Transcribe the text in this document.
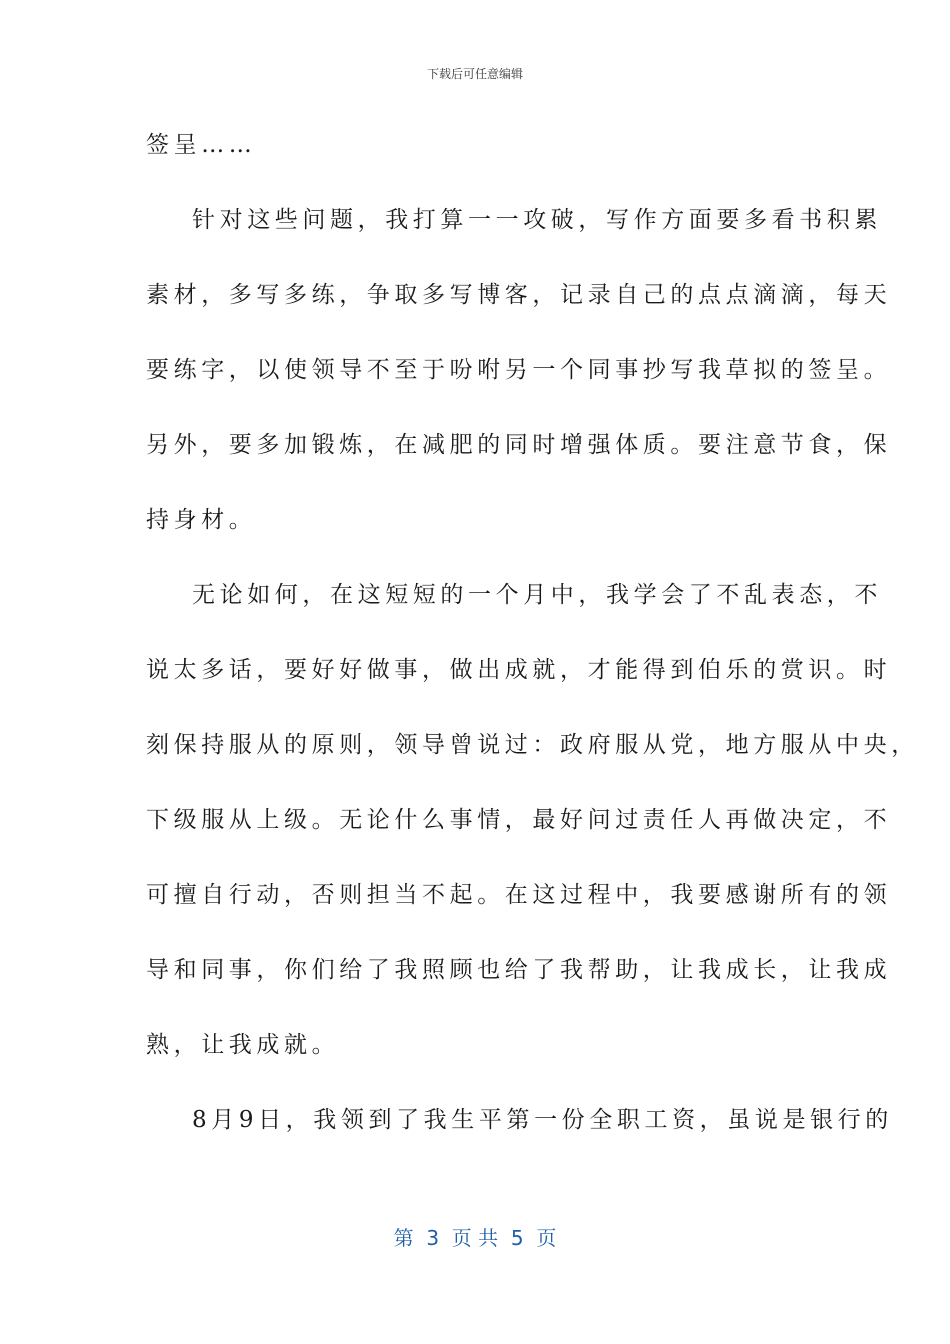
下载后可任意编辑
签呈……
针对这些问题，我打算一一攻破，写作方面要多看书积累
素材，多写多练，争取多写博客，记录自己的点点滴滴，每天
要练字，以使领导不至于吩咐另一个同事抄写我草拟的签呈。
另外，要多加锻炼，在减肥的同时增强体质。要注意节食，保
持身材。
无论如何，在这短短的一个月中，我学会了不乱表态，不
说太多话，要好好做事，做出成就，才能得到伯乐的赏识。时
刻保持服从的原则，领导曾说过：政府服从党，地方服从中央，
下级服从上级。无论什么事情，最好问过责任人再做决定，不
可擅自行动，否则担当不起。在这过程中，我要感谢所有的领
导和同事，你们给了我照顾也给了我帮助，让我成长，让我成
熟，让我成就。
8月9日，我领到了我生平第一份全职工资，虽说是银行的
第  3  页 共  5  页
